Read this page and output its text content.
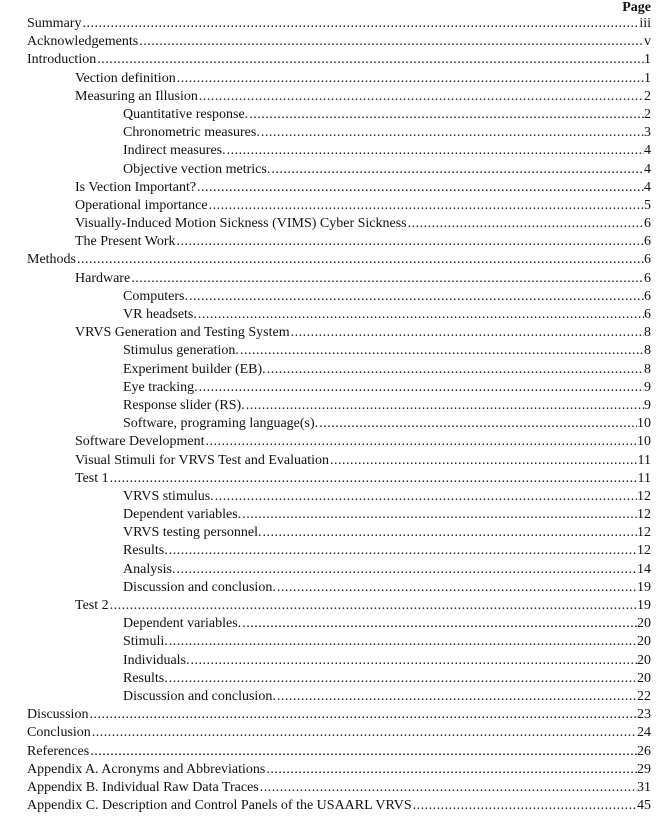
Page
Summary .....	iii
Acknowledgements .....	v
Introduction .....	1
Vection definition .....	1
Measuring an Illusion .....	2
Quantitative response. .....	2
Chronometric measures. .....	3
Indirect measures. .....	4
Objective vection metrics. .....	4
Is Vection Important? .....	4
Operational importance .....	5
Visually-Induced Motion Sickness (VIMS) Cyber Sickness .....	6
The Present Work .....	6
Methods .....	6
Hardware .....	6
Computers. .....	6
VR headsets. .....	6
VRVS Generation and Testing System .....	8
Stimulus generation. .....	8
Experiment builder (EB). .....	8
Eye tracking. .....	9
Response slider (RS). .....	9
Software, programing language(s). .....	10
Software Development .....	10
Visual Stimuli for VRVS Test and Evaluation .....	11
Test 1 .....	11
VRVS stimulus. .....	12
Dependent variables. .....	12
VRVS testing personnel. .....	12
Results. .....	12
Analysis. .....	14
Discussion and conclusion. .....	19
Test 2 .....	19
Dependent variables. .....	20
Stimuli. .....	20
Individuals. .....	20
Results. .....	20
Discussion and conclusion. .....	22
Discussion .....	23
Conclusion .....	24
References .....	26
Appendix A. Acronyms and Abbreviations .....	29
Appendix B. Individual Raw Data Traces .....	31
Appendix C. Description and Control Panels of the USAARL VRVS .....	45
